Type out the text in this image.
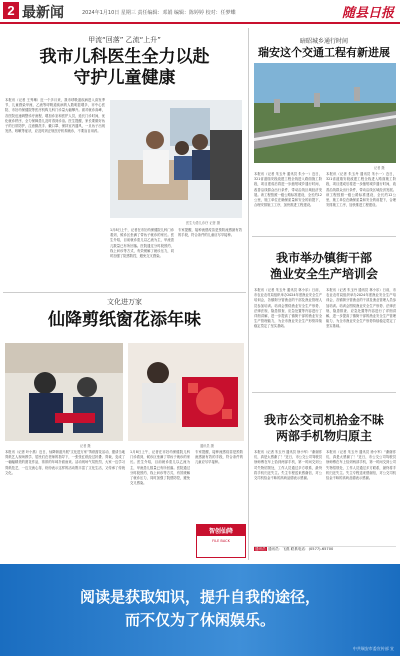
2 最新闻	2024年1月10日 星期三 责任编辑：邓娟 编辑：陈婷婷 校对：任梦蝶	随县日报
甲流“回落” 乙流“上升”
我市儿科医生全力以赴
守护儿童健康
本报讯（记者 王秀琳）近一个多月来，我市呼吸道疾病进入高发季节，儿童感染甲流、乙流等呼吸道疾病的人数明显增多，市中心医院、市妇幼保健院等医疗机构儿科门诊量大幅攀升。面对就诊高峰，各医院迅速调整诊疗流程，增加诊室和医护人员，延长门诊时间，优化就诊秩序，全力保障患儿及时得到诊治。医生提醒，家长要做好孩子的日常防护，注意勤洗手、戴口罩、保持室内通风，一旦孩子出现发热、咳嗽等症状，应及时到正规医疗机构就诊，不要盲目用药。
医生为患儿诊疗 记者 摄
1月8日上午，记者在市妇幼保健院儿科门诊看到，候诊区坐满了带孩子就诊的家长。医生介绍，目前就诊患儿以乙流为主，甲流患儿数量已有所回落。医院通过分时段预约、线上问诊等方式，有效缓解了就诊压力，同时加强了院感防控，避免交叉感染。
专家提醒，接种流感疫苗是预防流感最有效的手段，符合条件的儿童应尽早接种。
文化进万家
仙降剪纸窗花添年味
记者 摄	通讯员 摄
本报讯（记者 叶小燕）近日，仙降街道开展“文化进万家”剪纸窗花活动，邀请当地剪纸艺人现场教学，居民们在老师的指导下，一张张红纸经过折叠、剪裁，变成了一幅幅精美的窗花作品，浓浓的年味扑面而来。活动现场气氛热烈，大家一边学习剪纸技艺，一边交流心得，纷纷表示这样的活动既丰富了文化生活，又传承了传统文化。
1月8日上午，记者在市妇幼保健院儿科门诊看到，候诊区坐满了带孩子就诊的家长。医生介绍，目前就诊患儿以乙流为主，甲流患儿数量已有所回落。医院通过分时段预约、线上问诊等方式，有效缓解了就诊压力，同时加强了院感防控，避免交叉感染。
专家提醒，接种流感疫苗是预防流感最有效的手段，符合条件的儿童应尽早接种。
智创仙降
FILE BACK
暗昭城乡通行时间
瑞安这个交通工程有新进展
记者 摄
本报讯（记者 朱玉丹 通讯员 朱小一）近日，321省道瑞安段改建工程全线进入路面施工阶段，项目建成后将进一步缩短城乡通行时间，改善沿线群众出行条件，带动沿线区域经济发展。该工程按照一级公路标准建设，全长约12公里，施工单位在确保质量和安全的前提下，合理安排施工工序，加快推进工程建设。
本报讯（记者 朱玉丹 通讯员 朱小一）近日，321省道瑞安段改建工程全线进入路面施工阶段，项目建成后将进一步缩短城乡通行时间，改善沿线群众出行条件，带动沿线区域经济发展。该工程按照一级公路标准建设，全长约12公里，施工单位在确保质量和安全的前提下，合理安排施工工序，加快推进工程建设。
我市举办镇街干部
渔业安全生产培训会
本报讯（记者 朱玉丹 通讯员 林小乐）日前，市农业农村局组织举办2024年度渔业安全生产培训会，各镇街分管渔业的干部及渔业管理人员参加培训。培训会围绕渔业安全生产形势、法律法规、隐患排查、应急处置等内容进行了详细讲解，进一步提高了镇街干部的渔业安全生产管理能力，为全市渔业安全生产形势持续稳定奠定了坚实基础。
本报讯（记者 朱玉丹 通讯员 林小乐）日前，市农业农村局组织举办2024年度渔业安全生产培训会，各镇街分管渔业的干部及渔业管理人员参加培训。培训会围绕渔业安全生产形势、法律法规、隐患排查、应急处置等内容进行了详细讲解，进一步提高了镇街干部的渔业安全生产管理能力，为全市渔业安全生产形势持续稳定奠定了坚实基础。
我市公交司机拾金不昧
两部手机物归原主
本报讯（记者 朱玉丹 通讯员 徐小军）“谢谢你们，真是太感谢了！”近日，市公交公司驾驶员徐师傅在车上拾到两部手机，第一时间交到公司失物招领处，工作人员通过多方联系，最终将手机归还失主。失主专程送来感谢信，对公交司机拾金不昧的高尚品德表示感谢。
本报讯（记者 朱玉丹 通讯员 徐小军）“谢谢你们，真是太感谢了！”近日，市公交公司驾驶员徐师傅在车上拾到两部手机，第一时间交到公司失物招领处，工作人员通过多方联系，最终将手机归还失主。失主专程送来感谢信，对公交司机拾金不昧的高尚品德表示感谢。
通讯员 通讯员：飞燕 联系电话：(0577)-65700
阅读是获取知识，提升自我的途径，
而不仅为了休闲娱乐。
中共瑞安市委宣传部 宣
